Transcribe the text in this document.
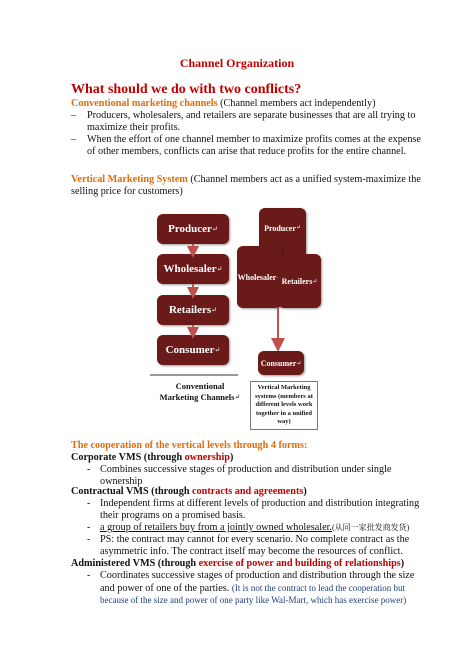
Channel Organization
What should we do with two conflicts?
Conventional marketing channels (Channel members act independently)
– Producers, wholesalers, and retailers are separate businesses that are all trying to
maximize their profits.
– When the effort of one channel member to maximize profits comes at the expense
of other members, conflicts can arise that reduce profits for the entire channel.
Vertical Marketing System (Channel members act as a unified system-maximize the
selling price for customers)
Producer ↵
Wholesaler ↵
Retailers ↵
Consumer ↵
Conventional
Marketing Channels ↵
Producer ↵
Wholesaler Retailers ↵
Consumer ↵
Vertical Marketing
systems (members at
different levels work
together in a unified way)
The cooperation of the vertical levels through 4 forms:
Corporate VMS (through ownership)
- Combines successive stages of production and distribution under single
ownership
Contractual VMS (through contracts and agreements)
- Independent firms at different levels of production and distribution integrating
their programs on a promised basis.
- a group of retailers buy from a jointly owned wholesaler.(从同一家批发商发货)
- PS: the contract may cannot for every scenario. No complete contract as the
asymmetric info. The contract itself may become the resources of conflict.
Administered VMS (through exercise of power and building of relationships)
- Coordinates successive stages of production and distribution through the size
and power of one of the parties. (It is not the contract to lead the cooperation but
because of the size and power of one party like Wal-Mart, which has exercise power)
